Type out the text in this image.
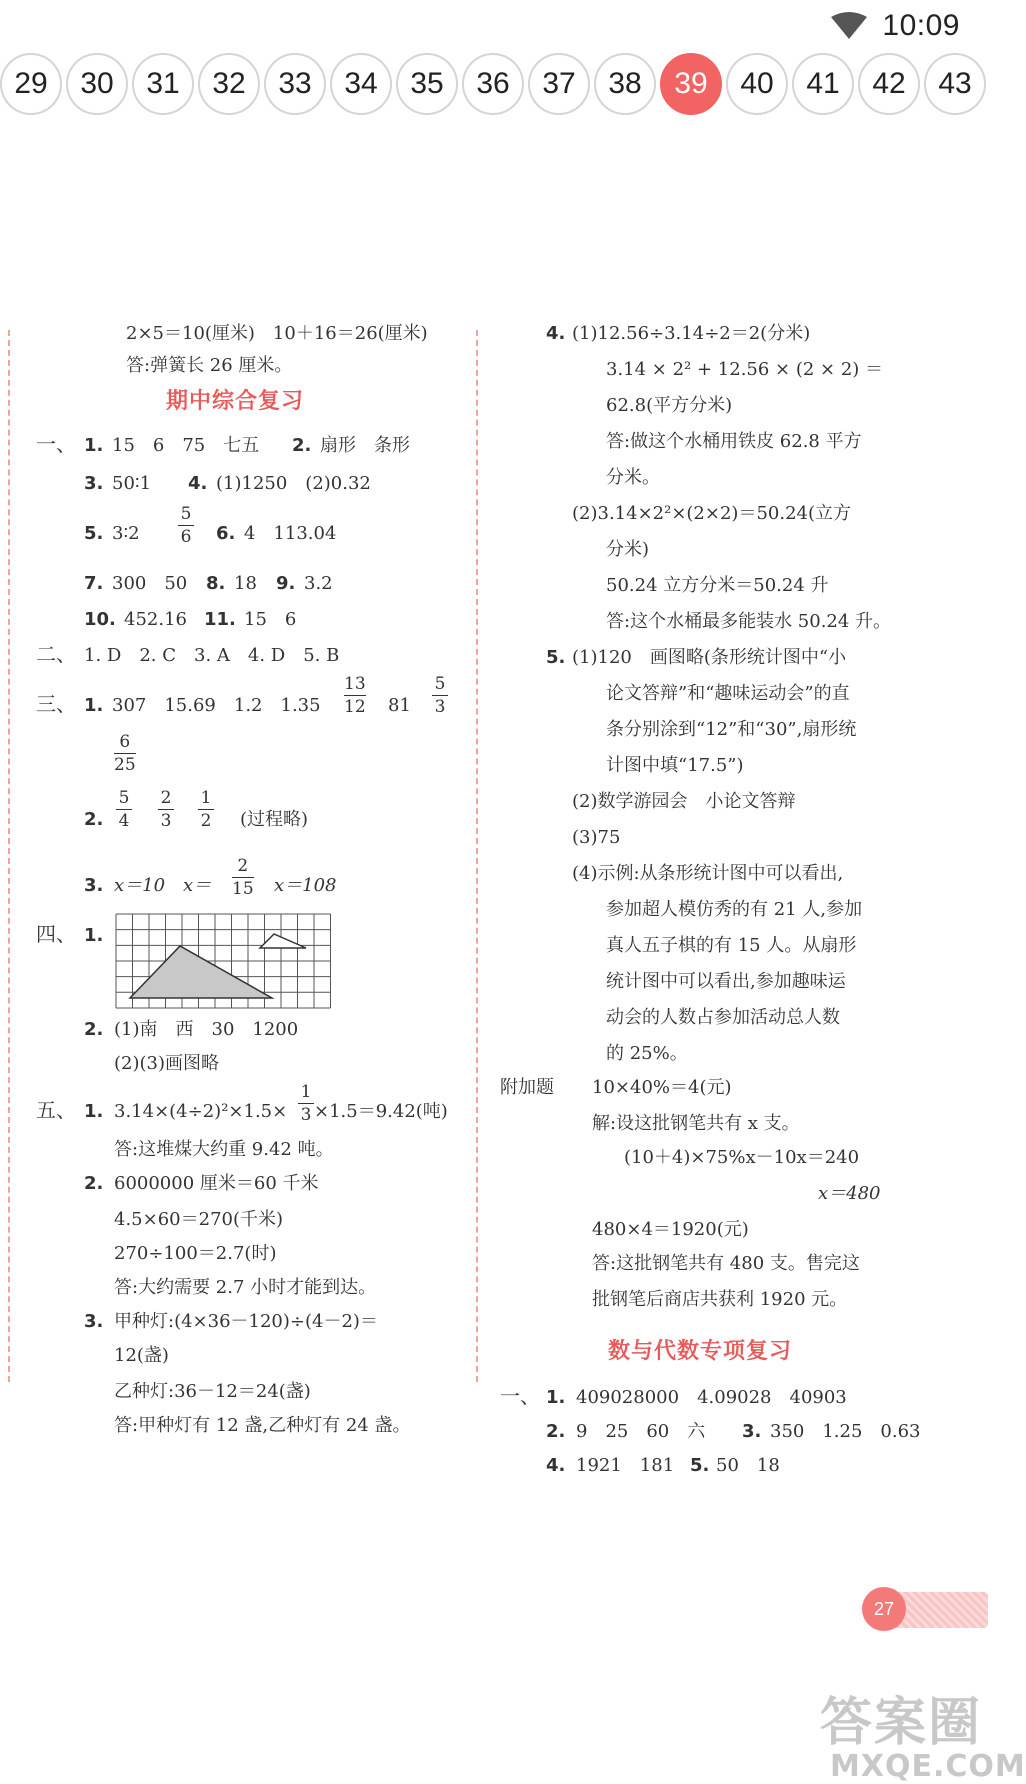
10:09
29	30	31	32	33	34	35	36	37	38	39	40	41	42	43
2×5＝10(厘米)　10＋16＝26(厘米)
答:弹簧长 26 厘米。
期中综合复习
一、 1. 15　6　75　七五 2. 扇形　条形
3. 50∶1 4. (1)1250　(2)0.32
5. 3∶2
5
6 6. 4　113.04
7. 300　50 8. 18 9. 3.2
10. 452.16 11. 15　6
二、 1. D　2. C　3. A　4. D　5. B
三、 1. 307　15.69　1.2　1.35
13
12 81
5
3
6
25
2.
5
4
2
3
1
2 (过程略)
3. x＝10　x＝
2
15 x＝108
四、 1.
2. (1)南　西　30　1200
(2)(3)画图略
五、 1. 3.14×(4÷2)²×1.5×
1
3 ×1.5＝9.42(吨)
答:这堆煤大约重 9.42 吨。
2. 6000000 厘米＝60 千米
4.5×60＝270(千米)
270÷100＝2.7(时)
答:大约需要 2.7 小时才能到达。
3. 甲种灯:(4×36－120)÷(4－2)＝
12(盏)
乙种灯:36－12＝24(盏)
答:甲种灯有 12 盏,乙种灯有 24 盏。
4. (1)12.56÷3.14÷2＝2(分米)
3.14 × 2² + 12.56 × (2 × 2) ＝
62.8(平方分米)
答:做这个水桶用铁皮 62.8 平方
分米。
(2)3.14×2²×(2×2)＝50.24(立方
分米)
50.24 立方分米＝50.24 升
答:这个水桶最多能装水 50.24 升。
5. (1)120　画图略(条形统计图中“小
论文答辩”和“趣味运动会”的直
条分别涂到“12”和“30”,扇形统
计图中填“17.5”)
(2)数学游园会　小论文答辩
(3)75
(4)示例:从条形统计图中可以看出,
参加超人模仿秀的有 21 人,参加
真人五子棋的有 15 人。从扇形
统计图中可以看出,参加趣味运
动会的人数占参加活动总人数
的 25%。
附加题 10×40%＝4(元)
解:设这批钢笔共有 x 支。
(10＋4)×75%x－10x＝240
x＝480
480×4＝1920(元)
答:这批钢笔共有 480 支。售完这
批钢笔后商店共获利 1920 元。
数与代数专项复习
一、 1. 409028000　4.09028　40903
2. 9　25　60　六 3. 350　1.25　0.63
4. 1921　181 5. 50　18
27
答案圈
MXQE.COM
